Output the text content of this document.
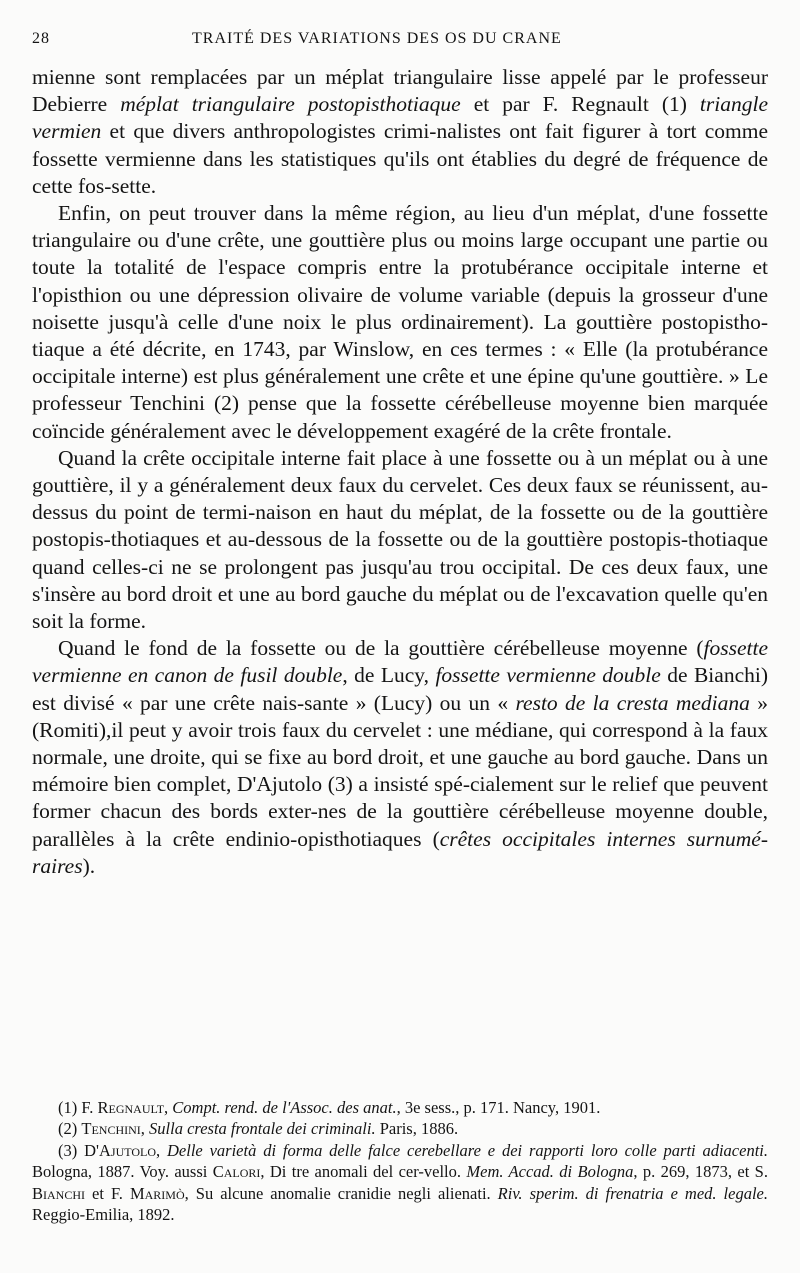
28	TRAITÉ DES VARIATIONS DES OS DU CRANE

mienne sont remplacées par un méplat triangulaire lisse appelé par le professeur Debierre méplat triangulaire postopisthotiaque et par F. Regnault (1) triangle vermien et que divers anthropologistes crimi-nalistes ont fait figurer à tort comme fossette vermienne dans les statistiques qu'ils ont établies du degré de fréquence de cette fos-sette.

Enfin, on peut trouver dans la même région, au lieu d'un méplat, d'une fossette triangulaire ou d'une crête, une gouttière plus ou moins large occupant une partie ou toute la totalité de l'espace compris entre la protubérance occipitale interne et l'opisthion ou une dépression olivaire de volume variable (depuis la grosseur d'une noisette jusqu'à celle d'une noix le plus ordinairement). La gouttière postopistho-tiaque a été décrite, en 1743, par Winslow, en ces termes : « Elle (la protubérance occipitale interne) est plus généralement une crête et une épine qu'une gouttière. » Le professeur Tenchini (2) pense que la fossette cérébelleuse moyenne bien marquée coïncide généralement avec le développement exagéré de la crête frontale.

Quand la crête occipitale interne fait place à une fossette ou à un méplat ou à une gouttière, il y a généralement deux faux du cervelet. Ces deux faux se réunissent, au-dessus du point de termi-naison en haut du méplat, de la fossette ou de la gouttière postopis-thotiaques et au-dessous de la fossette ou de la gouttière postopis-thotiaque quand celles-ci ne se prolongent pas jusqu'au trou occipital. De ces deux faux, une s'insère au bord droit et une au bord gauche du méplat ou de l'excavation quelle qu'en soit la forme.

Quand le fond de la fossette ou de la gouttière cérébelleuse moyenne (fossette vermienne en canon de fusil double, de Lucy, fossette vermienne double de Bianchi) est divisé « par une crête nais-sante » (Lucy) ou un « resto de la cresta mediana » (Romiti),il peut y avoir trois faux du cervelet : une médiane, qui correspond à la faux normale, une droite, qui se fixe au bord droit, et une gauche au bord gauche. Dans un mémoire bien complet, D'Ajutolo (3) a insisté spé-cialement sur le relief que peuvent former chacun des bords exter-nes de la gouttière cérébelleuse moyenne double, parallèles à la crête endinio-opisthotiaques (crêtes occipitales internes surnumé-raires).

(1) F. Regnault, Compt. rend. de l'Assoc. des anat., 3e sess., p. 171. Nancy, 1901.

(2) Tenchini, Sulla cresta frontale dei criminali. Paris, 1886.

(3) D'Ajutolo, Delle varietà di forma delle falce cerebellare e dei rapporti loro colle parti adiacenti. Bologna, 1887. Voy. aussi Calori, Di tre anomali del cer-vello. Mem. Accad. di Bologna, p. 269, 1873, et S. Bianchi et F. Marimò, Su alcune anomalie cranidie negli alienati. Riv. sperim. di frenatria e med. legale. Reggio-Emilia, 1892.
